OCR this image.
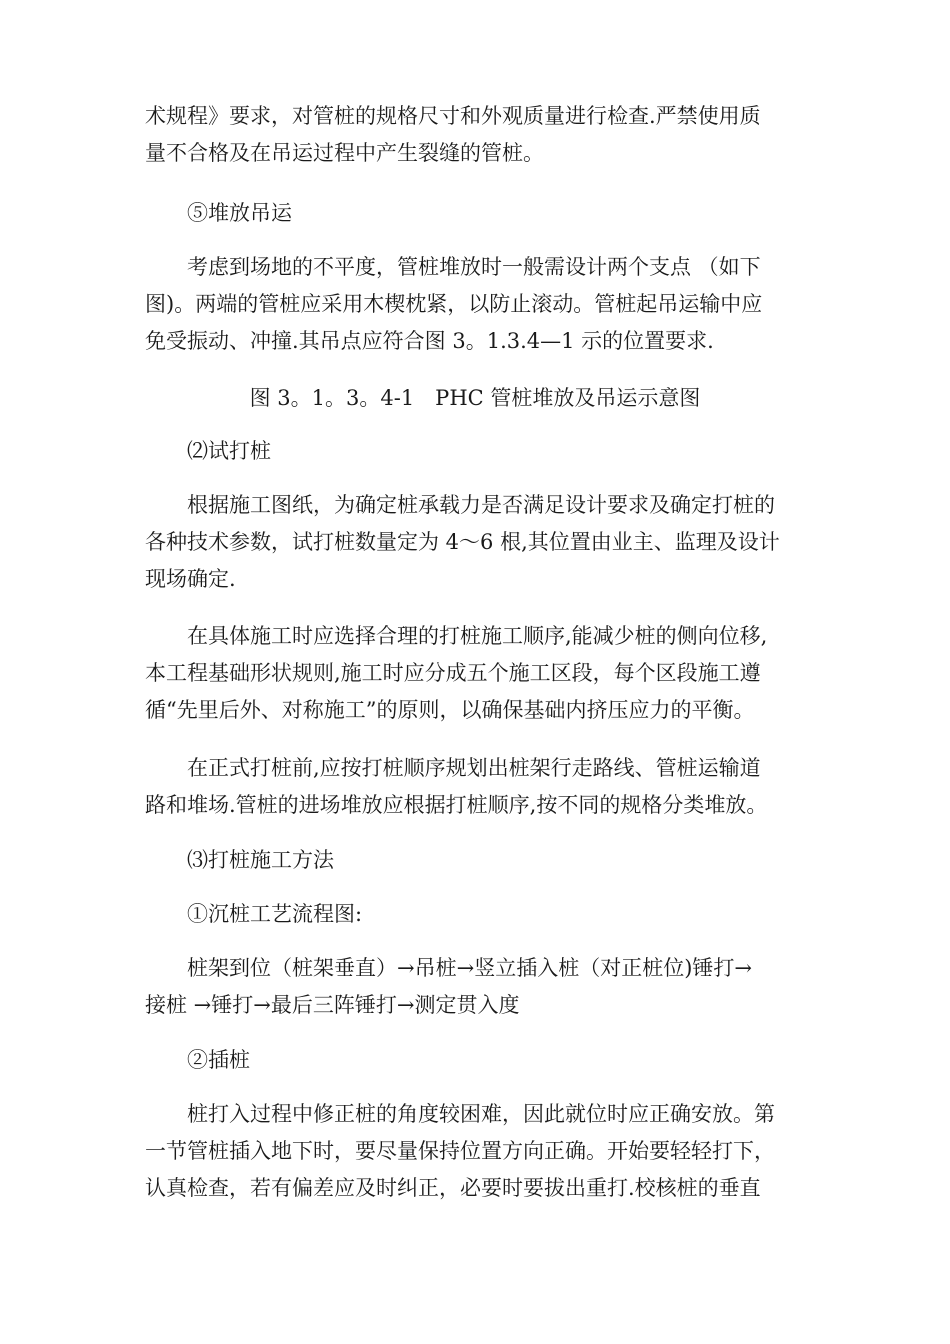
术规程》要求，对管桩的规格尺寸和外观质量进行检查.严禁使用质
量不合格及在吊运过程中产生裂缝的管桩。
⑤堆放吊运
考虑到场地的不平度，管桩堆放时一般需设计两个支点 （如下
图)。两端的管桩应采用木楔枕紧，以防止滚动。管桩起吊运输中应
免受振动、冲撞.其吊点应符合图 3。1.3.4—1 示的位置要求.
图 3。1。3。4-1　PHC 管桩堆放及吊运示意图
⑵试打桩
根据施工图纸，为确定桩承载力是否满足设计要求及确定打桩的
各种技术参数，试打桩数量定为 4～6 根,其位置由业主、监理及设计
现场确定.
在具体施工时应选择合理的打桩施工顺序,能减少桩的侧向位移,
本工程基础形状规则,施工时应分成五个施工区段，每个区段施工遵
循“先里后外、对称施工”的原则，以确保基础内挤压应力的平衡。
在正式打桩前,应按打桩顺序规划出桩架行走路线、管桩运输道
路和堆场.管桩的进场堆放应根据打桩顺序,按不同的规格分类堆放。
⑶打桩施工方法
①沉桩工艺流程图:
桩架到位（桩架垂直）→吊桩→竖立插入桩（对正桩位)锤打→
接桩 →锤打→最后三阵锤打→测定贯入度
②插桩
桩打入过程中修正桩的角度较困难，因此就位时应正确安放。第
一节管桩插入地下时，要尽量保持位置方向正确。开始要轻轻打下，
认真检查，若有偏差应及时纠正，必要时要拔出重打.校核桩的垂直
